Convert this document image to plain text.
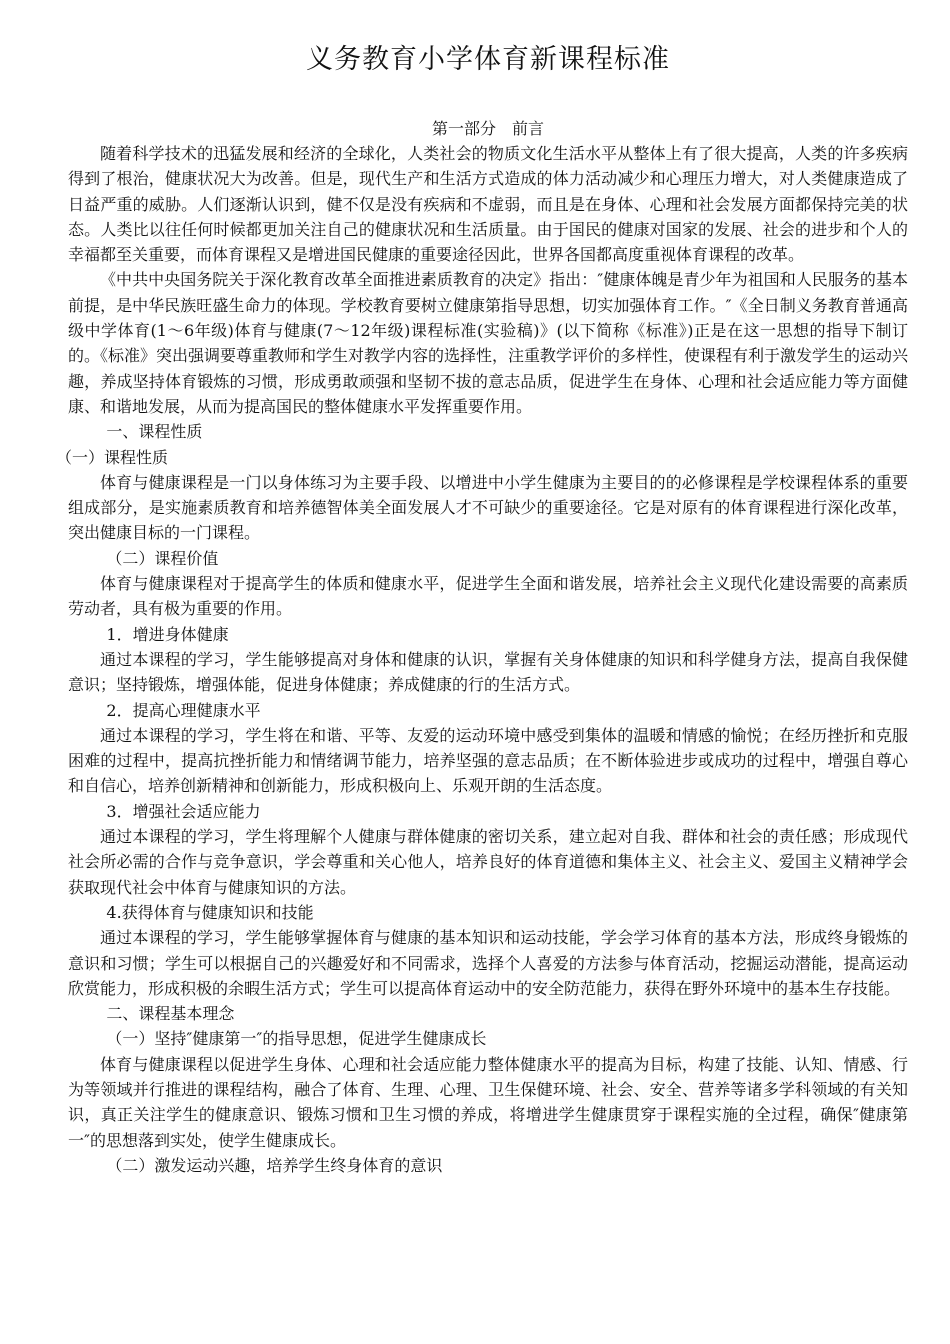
义务教育小学体育新课程标准
第一部分　前言

随着科学技术的迅猛发展和经济的全球化，人类社会的物质文化生活水平从整体上有了很大提高，人类的许多疾病得到了根治，健康状况大为改善。但是，现代生产和生活方式造成的体力活动减少和心理压力增大，对人类健康造成了日益严重的威胁。人们逐渐认识到，健不仅是没有疾病和不虚弱，而且是在身体、心理和社会发展方面都保持完美的状态。人类比以往任何时候都更加关注自己的健康状况和生活质量。由于国民的健康对国家的发展、社会的进步和个人的幸福都至关重要，而体育课程又是增进国民健康的重要途径因此，世界各国都高度重视体育课程的改革。

《中共中央国务院关于深化教育改革全面推进素质教育的决定》指出：″健康体魄是青少年为祖国和人民服务的基本前提，是中华民族旺盛生命力的体现。学校教育要树立健康第指导思想，切实加强体育工作。″《全日制义务教育普通高级中学体育(1～6年级)体育与健康(7～12年级)课程标准(实验稿)》(以下简称《标准》)正是在这一思想的指导下制订的。《标准》突出强调要尊重教师和学生对教学内容的选择性，注重教学评价的多样性，使课程有利于激发学生的运动兴趣，养成坚持体育锻炼的习惯，形成勇敢顽强和坚韧不拔的意志品质，促进学生在身体、心理和社会适应能力等方面健康、和谐地发展，从而为提高国民的整体健康水平发挥重要作用。

一、课程性质

（一）课程性质

体育与健康课程是一门以身体练习为主要手段、以增进中小学生健康为主要目的的必修课程是学校课程体系的重要组成部分，是实施素质教育和培养德智体美全面发展人才不可缺少的重要途径。它是对原有的体育课程进行深化改革，突出健康目标的一门课程。

（二）课程价值

体育与健康课程对于提高学生的体质和健康水平，促进学生全面和谐发展，培养社会主义现代化建设需要的高素质劳动者，具有极为重要的作用。

1．增进身体健康

通过本课程的学习，学生能够提高对身体和健康的认识，掌握有关身体健康的知识和科学健身方法，提高自我保健意识；坚持锻炼，增强体能，促进身体健康；养成健康的行的生活方式。

2．提高心理健康水平

通过本课程的学习，学生将在和谐、平等、友爱的运动环境中感受到集体的温暖和情感的愉悦；在经历挫折和克服困难的过程中，提高抗挫折能力和情绪调节能力，培养坚强的意志品质；在不断体验进步或成功的过程中，增强自尊心和自信心，培养创新精神和创新能力，形成积极向上、乐观开朗的生活态度。

3．增强社会适应能力

通过本课程的学习，学生将理解个人健康与群体健康的密切关系，建立起对自我、群体和社会的责任感；形成现代社会所必需的合作与竞争意识，学会尊重和关心他人，培养良好的体育道德和集体主义、社会主义、爱国主义精神学会获取现代社会中体育与健康知识的方法。

4.获得体育与健康知识和技能

通过本课程的学习，学生能够掌握体育与健康的基本知识和运动技能，学会学习体育的基本方法，形成终身锻炼的意识和习惯；学生可以根据自己的兴趣爱好和不同需求，选择个人喜爱的方法参与体育活动，挖掘运动潜能，提高运动欣赏能力，形成积极的余暇生活方式；学生可以提高体育运动中的安全防范能力，获得在野外环境中的基本生存技能。

二、课程基本理念

（一）坚持″健康第一″的指导思想，促进学生健康成长

体育与健康课程以促进学生身体、心理和社会适应能力整体健康水平的提高为目标，构建了技能、认知、情感、行为等领域并行推进的课程结构，融合了体育、生理、心理、卫生保健环境、社会、安全、营养等诸多学科领域的有关知识，真正关注学生的健康意识、锻炼习惯和卫生习惯的养成，将增进学生健康贯穿于课程实施的全过程，确保″健康第一″的思想落到实处，使学生健康成长。

（二）激发运动兴趣，培养学生终身体育的意识
